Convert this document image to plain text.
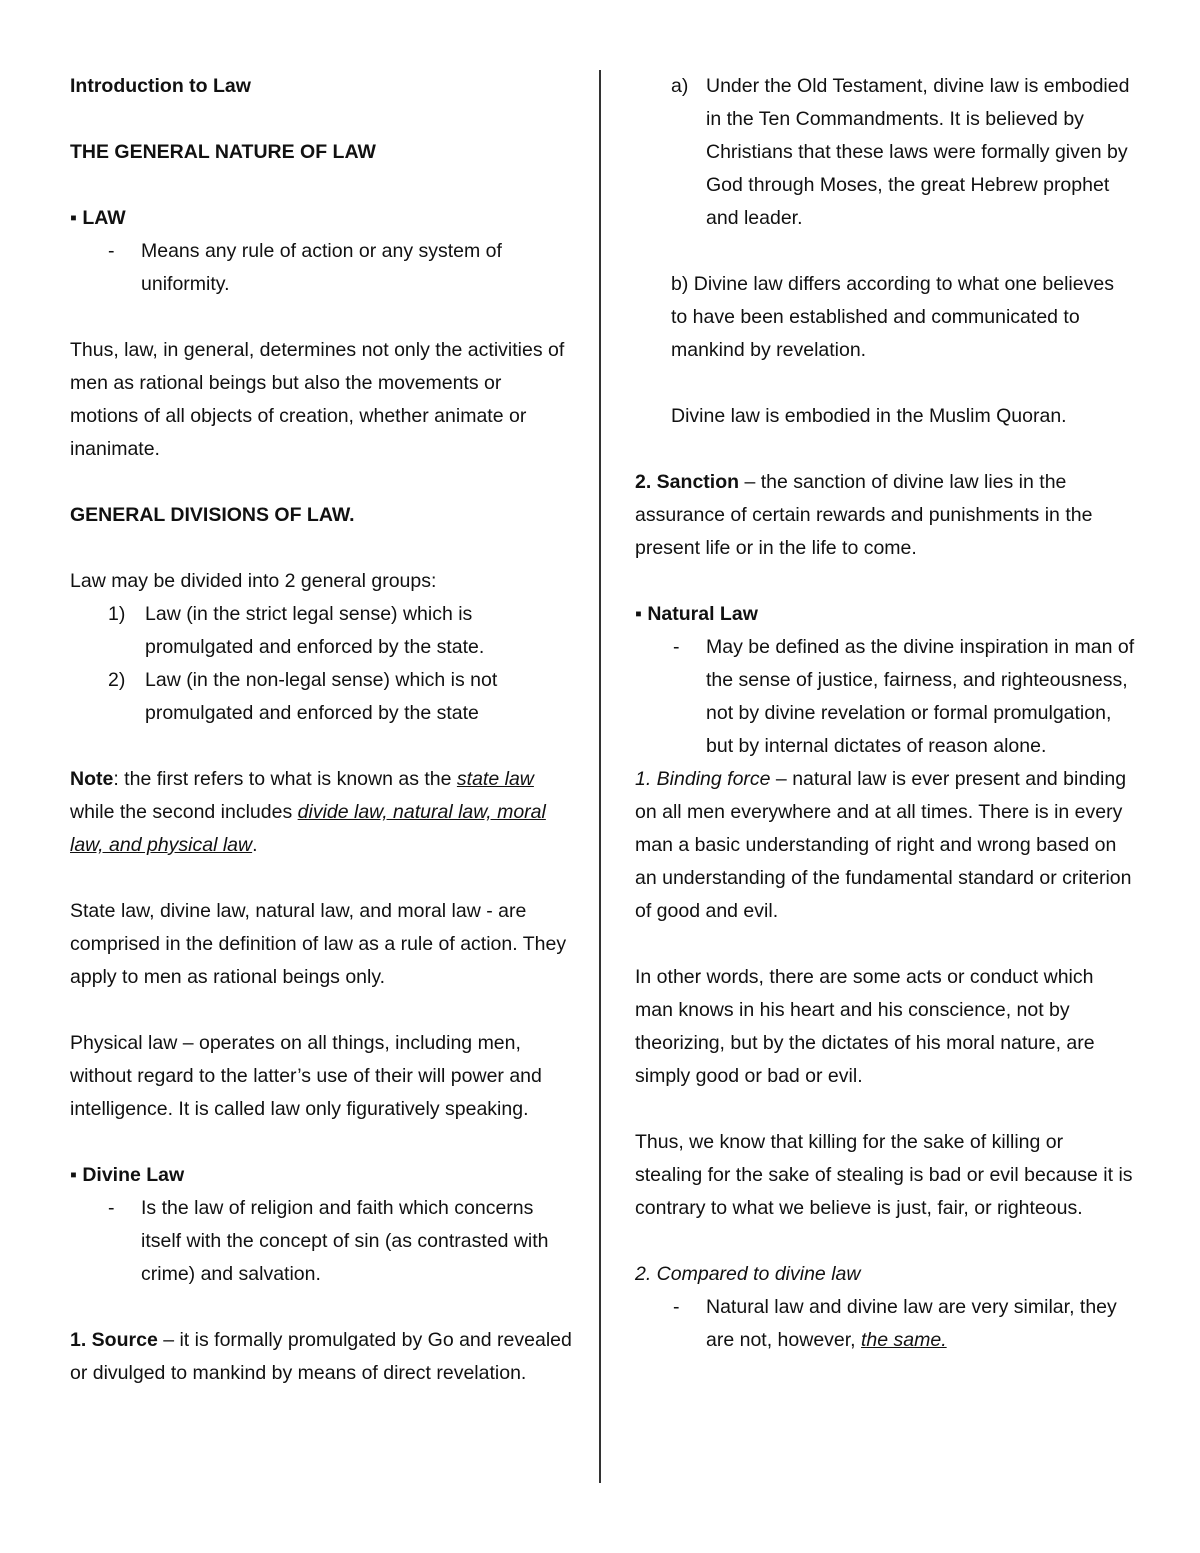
Introduction to Law

THE GENERAL NATURE OF LAW

▪ LAW

- Means any rule of action or any system of uniformity.

Thus, law, in general, determines not only the activities of men as rational beings but also the movements or motions of all objects of creation, whether animate or inanimate.

GENERAL DIVISIONS OF LAW.

Law may be divided into 2 general groups:

1) Law (in the strict legal sense) which is promulgated and enforced by the state.

2) Law (in the non-legal sense) which is not promulgated and enforced by the state

Note: the first refers to what is known as the state law while the second includes divide law, natural law, moral law, and physical law.

State law, divine law, natural law, and moral law - are comprised in the definition of law as a rule of action. They apply to men as rational beings only.

Physical law – operates on all things, including men, without regard to the latter’s use of their will power and intelligence. It is called law only figuratively speaking.

▪ Divine Law

- Is the law of religion and faith which concerns itself with the concept of sin (as contrasted with crime) and salvation.

1. Source – it is formally promulgated by Go and revealed or divulged to mankind by means of direct revelation.

a) Under the Old Testament, divine law is embodied in the Ten Commandments. It is believed by Christians that these laws were formally given by God through Moses, the great Hebrew prophet and leader.

b) Divine law differs according to what one believes to have been established and communicated to mankind by revelation.

Divine law is embodied in the Muslim Quoran.

2. Sanction – the sanction of divine law lies in the assurance of certain rewards and punishments in the present life or in the life to come.

▪ Natural Law

- May be defined as the divine inspiration in man of the sense of justice, fairness, and righteousness, not by divine revelation or formal promulgation, but by internal dictates of reason alone.

1. Binding force – natural law is ever present and binding on all men everywhere and at all times. There is in every man a basic understanding of right and wrong based on an understanding of the fundamental standard or criterion of good and evil.

In other words, there are some acts or conduct which man knows in his heart and his conscience, not by theorizing, but by the dictates of his moral nature, are simply good or bad or evil.

Thus, we know that killing for the sake of killing or stealing for the sake of stealing is bad or evil because it is contrary to what we believe is just, fair, or righteous.

2. Compared to divine law

- Natural law and divine law are very similar, they are not, however, the same.
